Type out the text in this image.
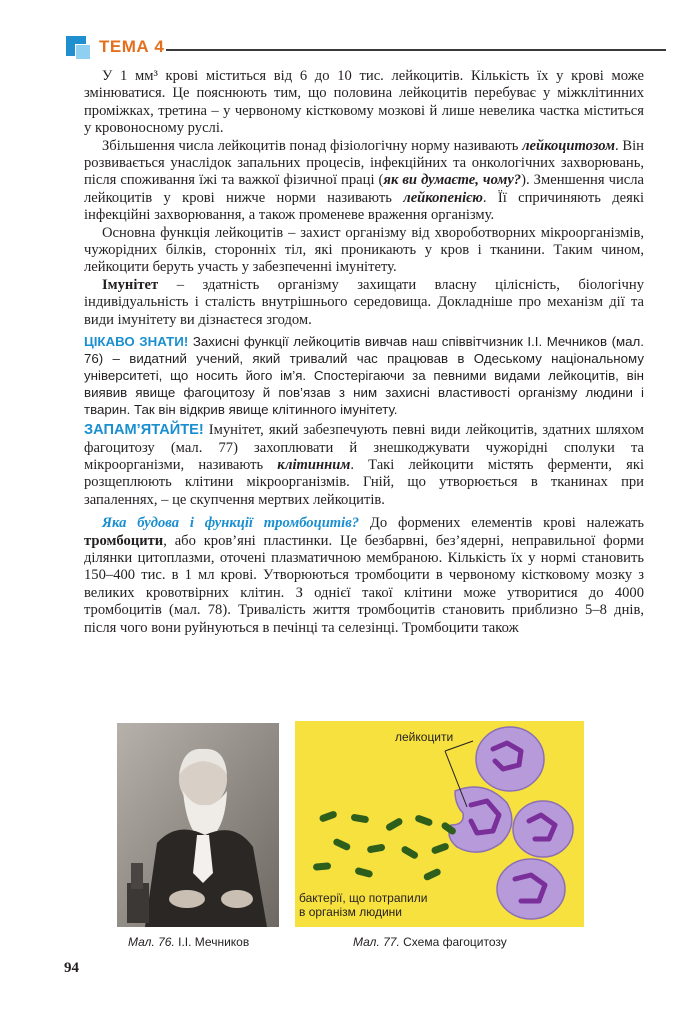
ТЕМА 4

У 1 мм³ крові міститься від 6 до 10 тис. лейкоцитів. Кількість їх у крові може змінюватися. Це пояснюють тим, що половина лейкоцитів перебуває у міжклітинних проміжках, третина – у червоному кістковому мозкові й лише невелика частка міститься у кровоносному руслі.

Збільшення числа лейкоцитів понад фізіологічну норму називають лейкоцитозом. Він розвивається унаслідок запальних процесів, інфекційних та онкологічних захворювань, після споживання їжі та важкої фізичної праці (як ви думаєте, чому?). Зменшення числа лейкоцитів у крові нижче норми називають лейкопенією. Її спричиняють деякі інфекційні захворювання, а також променеве враження організму.

Основна функція лейкоцитів – захист організму від хвороботворних мікроорганізмів, чужорідних білків, сторонніх тіл, які проникають у кров і тканини. Таким чином, лейкоцити беруть участь у забезпеченні імунітету.

Імунітет – здатність організму захищати власну цілісність, біологічну індивідуальність і сталість внутрішнього середовища. Докладніше про механізм дії та види імунітету ви дізнаєтеся згодом.

ЦІКАВО ЗНАТИ! Захисні функції лейкоцитів вивчав наш співвітчизник І.І. Мечников (мал. 76) – видатний учений, який тривалий час працював в Одеському національному університеті, що носить його ім’я. Спостерігаючи за певними видами лейкоцитів, він виявив явище фагоцитозу й пов’язав з ним захисні властивості організму людини і тварин. Так він відкрив явище клітинного імунітету.

ЗАПАМ’ЯТАЙТЕ! Імунітет, який забезпечують певні види лейкоцитів, здатних шляхом фагоцитозу (мал. 77) захоплювати й знешкоджувати чужорідні сполуки та мікроорганізми, називають клітинним. Такі лейкоцити містять ферменти, які розщеплюють клітини мікроорганізмів. Гній, що утворюється в тканинах при запаленнях, – це скупчення мертвих лейкоцитів.

Яка будова і функції тромбоцитів? До формених елементів крові належать тромбоцити, або кров’яні пластинки. Це безбарвні, без’ядерні, неправильної форми ділянки цитоплазми, оточені плазматичною мембраною. Кількість їх у нормі становить 150–400 тис. в 1 мл крові. Утворюються тромбоцити в червоному кістковому мозку з великих кровотвірних клітин. З однієї такої клітини може утворитися до 4000 тромбоцитів (мал. 78). Тривалість життя тромбоцитів становить приблизно 5–8 днів, після чого вони руйнуються в печінці та селезінці. Тромбоцити також

Мал. 76. І.І. Мечников
лейкоцити
бактерії, що потрапили
в організм людини
Мал. 77. Схема фагоцитозу
94
